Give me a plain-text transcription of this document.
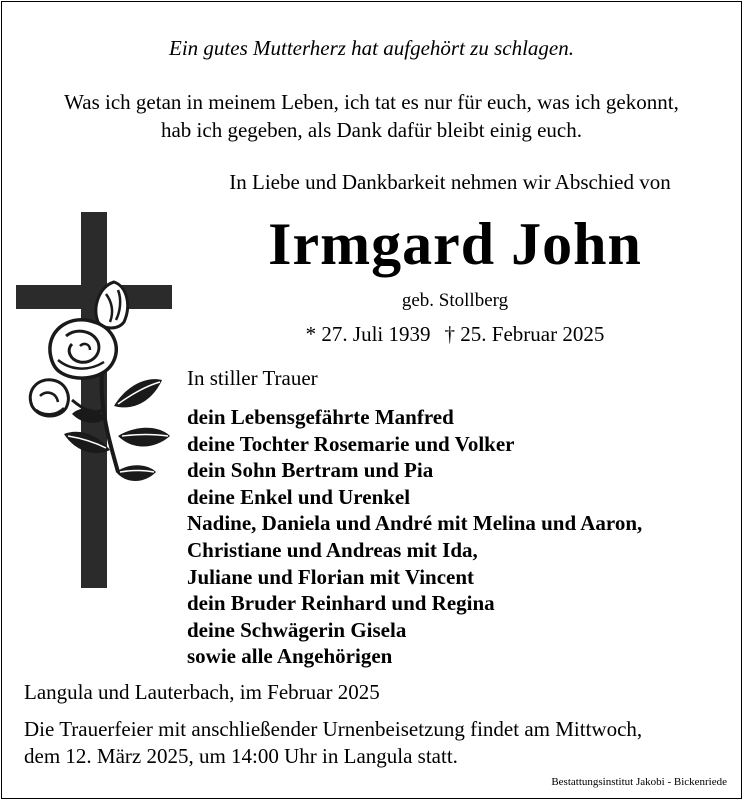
Ein gutes Mutterherz hat aufgehört zu schlagen.
Was ich getan in meinem Leben, ich tat es nur für euch, was ich gekonnt,
hab ich gegeben, als Dank dafür bleibt einig euch.
In Liebe und Dankbarkeit nehmen wir Abschied von
Irmgard John
geb. Stollberg
* 27. Juli 1939 † 25. Februar 2025
In stiller Trauer
dein Lebensgefährte Manfred
deine Tochter Rosemarie und Volker
dein Sohn Bertram und Pia
deine Enkel und Urenkel
Nadine, Daniela und André mit Melina und Aaron,
Christiane und Andreas mit Ida,
Juliane und Florian mit Vincent
dein Bruder Reinhard und Regina
deine Schwägerin Gisela
sowie alle Angehörigen
Langula und Lauterbach, im Februar 2025
Die Trauerfeier mit anschließender Urnenbeisetzung findet am Mittwoch,
dem 12. März 2025, um 14:00 Uhr in Langula statt.
Bestattungsinstitut Jakobi - Bickenriede
